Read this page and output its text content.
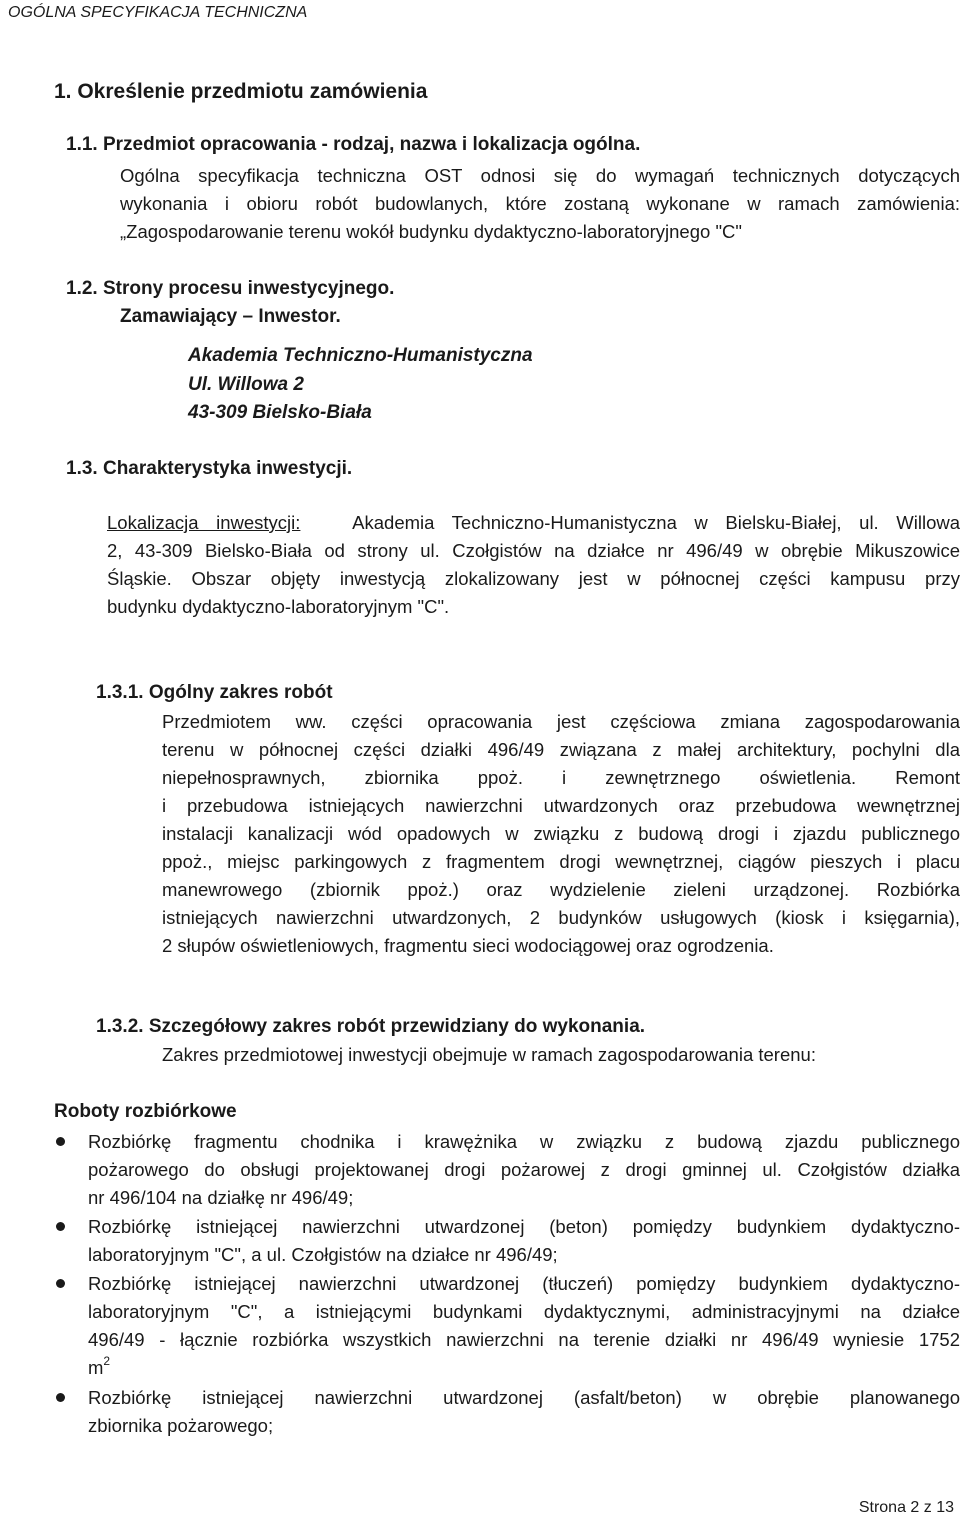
OGÓLNA SPECYFIKACJA TECHNICZNA
1. Określenie przedmiotu zamówienia
1.1. Przedmiot opracowania - rodzaj, nazwa i lokalizacja ogólna.
Ogólna specyfikacja techniczna OST odnosi się do wymagań technicznych dotyczących
wykonania i obioru robót budowlanych, które zostaną wykonane w ramach zamówienia:
„Zagospodarowanie terenu wokół budynku dydaktyczno-laboratoryjnego "C"
1.2. Strony procesu inwestycyjnego.
Zamawiający – Inwestor.
Akademia Techniczno-Humanistyczna
Ul. Willowa 2
43-309 Bielsko-Biała
1.3. Charakterystyka inwestycji.
Lokalizacja inwestycji:	Akademia Techniczno-Humanistyczna w Bielsku-Białej, ul. Willowa
2, 43-309 Bielsko-Biała od strony ul. Czołgistów na działce nr 496/49 w obrębie Mikuszowice
Śląskie. Obszar objęty inwestycją zlokalizowany jest w północnej części kampusu przy
budynku dydaktyczno-laboratoryjnym "C".
1.3.1. Ogólny zakres robót
Przedmiotem ww. części opracowania jest częściowa zmiana zagospodarowania
terenu w północnej części działki 496/49 związana z małej architektury, pochylni dla
niepełnosprawnych, zbiornika ppoż. i zewnętrznego oświetlenia. Remont
i przebudowa istniejących nawierzchni utwardzonych oraz przebudowa wewnętrznej
instalacji kanalizacji wód opadowych w związku z budową drogi i zjazdu publicznego
ppoż., miejsc parkingowych z fragmentem drogi wewnętrznej, ciągów pieszych i placu
manewrowego (zbiornik ppoż.) oraz wydzielenie zieleni urządzonej. Rozbiórka
istniejących nawierzchni utwardzonych, 2 budynków usługowych (kiosk i księgarnia),
2 słupów oświetleniowych, fragmentu sieci wodociągowej oraz ogrodzenia.
1.3.2. Szczegółowy zakres robót przewidziany do wykonania.
Zakres przedmiotowej inwestycji obejmuje w ramach zagospodarowania terenu:
Roboty rozbiórkowe
Rozbiórkę fragmentu chodnika i krawężnika w związku z budową zjazdu publicznego
pożarowego do obsługi projektowanej drogi pożarowej z drogi gminnej ul. Czołgistów działka
nr 496/104 na działkę nr 496/49;
Rozbiórkę istniejącej nawierzchni utwardzonej (beton) pomiędzy budynkiem dydaktyczno-
laboratoryjnym "C", a ul. Czołgistów na działce nr 496/49;
Rozbiórkę istniejącej nawierzchni utwardzonej (tłuczeń) pomiędzy budynkiem dydaktyczno-
laboratoryjnym "C", a istniejącymi budynkami dydaktycznymi, administracyjnymi na działce
496/49 - łącznie rozbiórka wszystkich nawierzchni na terenie działki nr 496/49 wyniesie 1752
$m^2$
Rozbiórkę istniejącej nawierzchni utwardzonej (asfalt/beton) w obrębie planowanego
zbiornika pożarowego;
Strona 2 z 13
